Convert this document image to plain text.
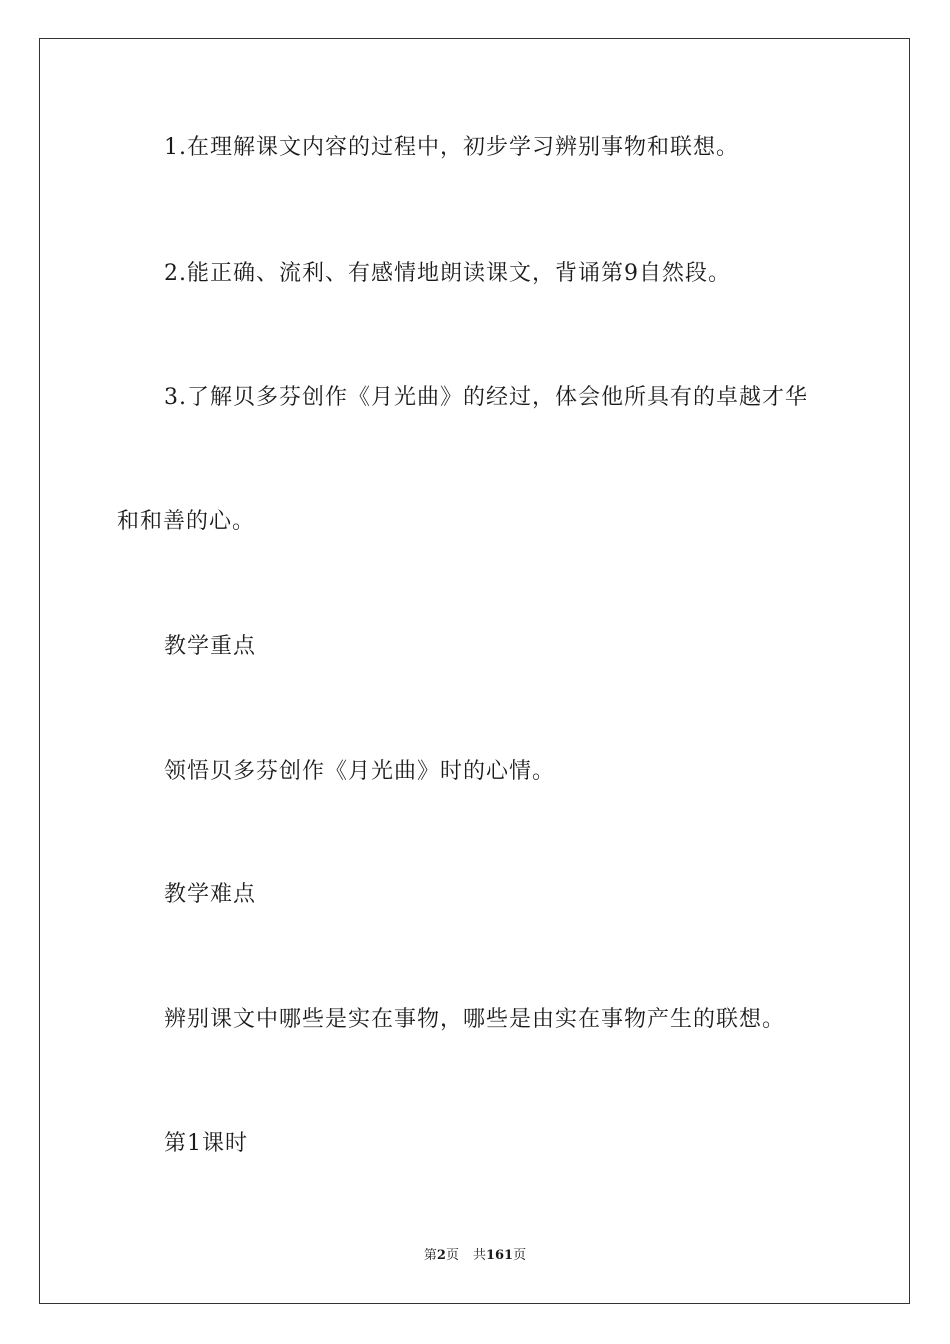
1.在理解课文内容的过程中，初步学习辨别事物和联想。
2.能正确、流利、有感情地朗读课文，背诵第9自然段。
3.了解贝多芬创作《月光曲》的经过，体会他所具有的卓越才华
和和善的心。
教学重点
领悟贝多芬创作《月光曲》时的心情。
教学难点
辨别课文中哪些是实在事物，哪些是由实在事物产生的联想。
第1课时
第2页 共161页
